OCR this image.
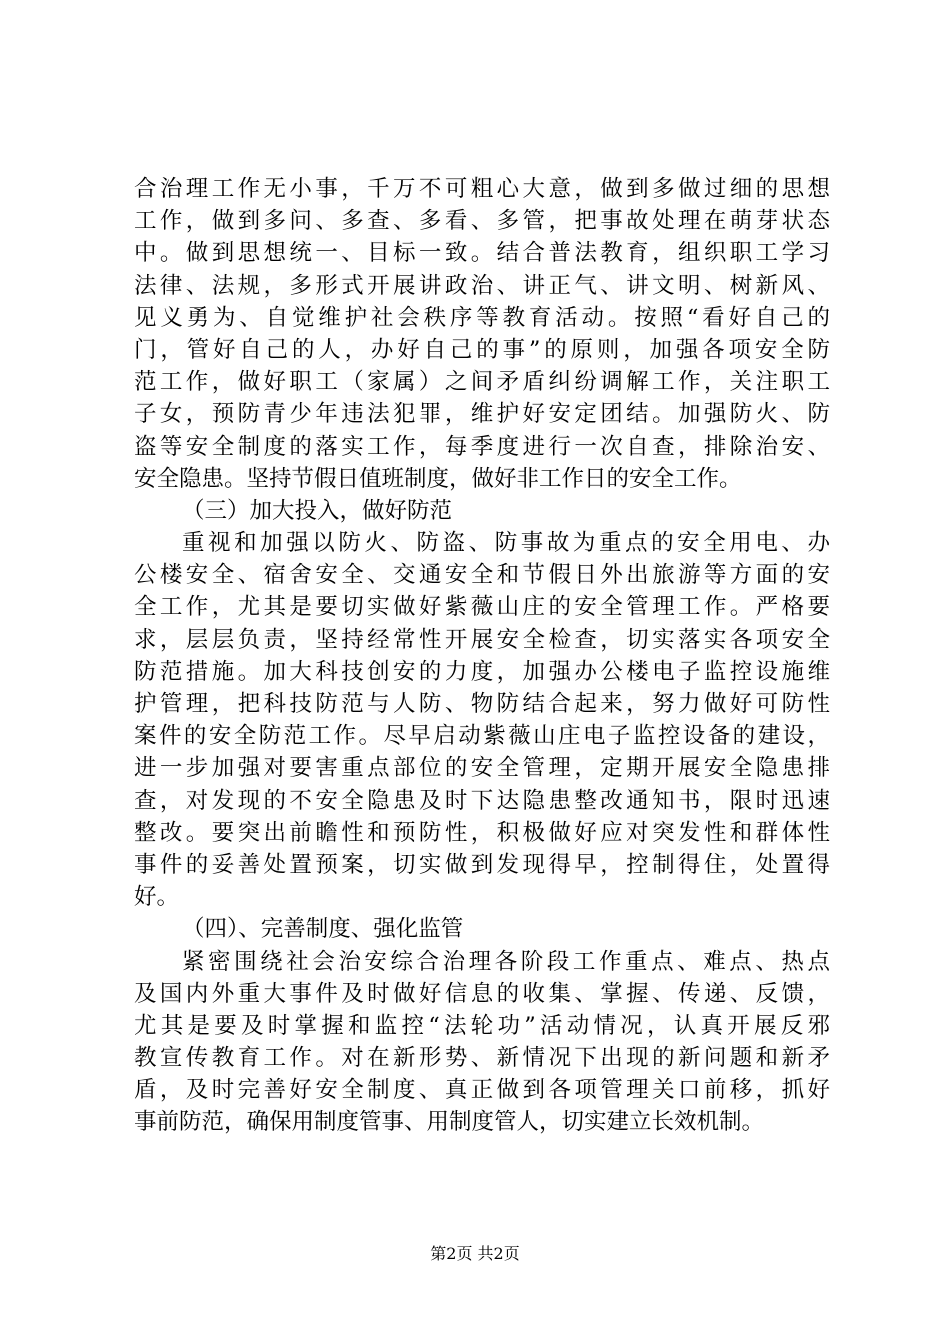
合治理工作无小事，千万不可粗心大意，做到多做过细的思想
工作，做到多问、多查、多看、多管，把事故处理在萌芽状态
中。做到思想统一、目标一致。结合普法教育，组织职工学习
法律、法规，多形式开展讲政治、讲正气、讲文明、树新风、
见义勇为、自觉维护社会秩序等教育活动。按照“看好自己的
门，管好自己的人，办好自己的事”的原则，加强各项安全防
范工作，做好职工（家属）之间矛盾纠纷调解工作，关注职工
子女，预防青少年违法犯罪，维护好安定团结。加强防火、防
盗等安全制度的落实工作，每季度进行一次自查，排除治安、
安全隐患。坚持节假日值班制度，做好非工作日的安全工作。
（三）加大投入，做好防范
重视和加强以防火、防盗、防事故为重点的安全用电、办
公楼安全、宿舍安全、交通安全和节假日外出旅游等方面的安
全工作，尤其是要切实做好紫薇山庄的安全管理工作。严格要
求，层层负责，坚持经常性开展安全检查，切实落实各项安全
防范措施。加大科技创安的力度，加强办公楼电子监控设施维
护管理，把科技防范与人防、物防结合起来，努力做好可防性
案件的安全防范工作。尽早启动紫薇山庄电子监控设备的建设，
进一步加强对要害重点部位的安全管理，定期开展安全隐患排
查，对发现的不安全隐患及时下达隐患整改通知书，限时迅速
整改。要突出前瞻性和预防性，积极做好应对突发性和群体性
事件的妥善处置预案，切实做到发现得早，控制得住，处置得
好。
（四）、完善制度、强化监管
紧密围绕社会治安综合治理各阶段工作重点、难点、热点
及国内外重大事件及时做好信息的收集、掌握、传递、反馈，
尤其是要及时掌握和监控“法轮功”活动情况，认真开展反邪
教宣传教育工作。对在新形势、新情况下出现的新问题和新矛
盾，及时完善好安全制度、真正做到各项管理关口前移，抓好
事前防范，确保用制度管事、用制度管人，切实建立长效机制。
第2页 共2页
